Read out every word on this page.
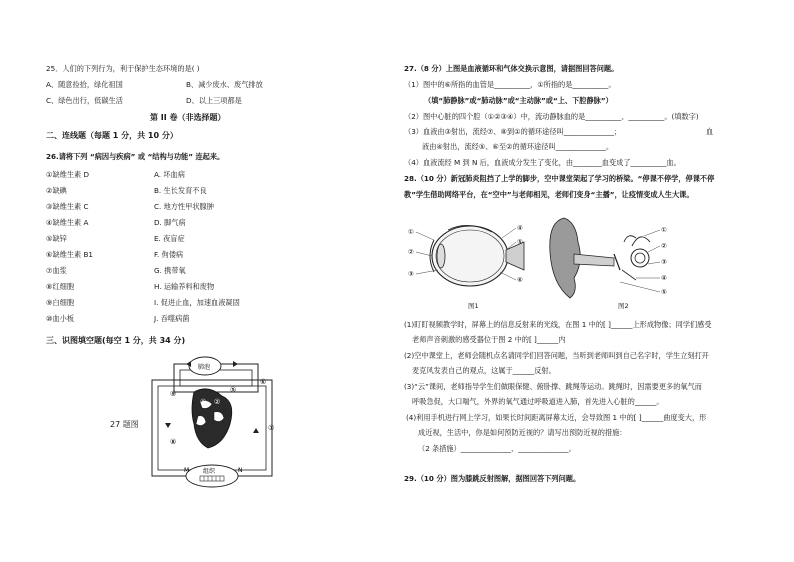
25．人们的下列行为，利于保护生态环境的是( )
A、随意捡拾，绿化祖国	B、减少废水、废气排放
C、绿色出行，低碳生活	D、以上三项都是
第 II 卷（非选择题）
二、连线题（每题 1 分，共 10 分）
26.请将下列 “病因与疾病” 或 “结构与功能” 连起来。
①缺维生素 D	A. 坏血病
②缺碘	B. 生长发育不良
③缺维生素 C	C. 地方性甲状腺肿
④缺维生素 A	D. 脚气病
⑤缺锌	E. 夜盲症
⑥缺维生素 B1	F. 佝偻病
⑦血浆	G. 携带氧
⑧红细胞	H. 运输养料和废物
⑨白细胞	I. 促进止血，加速血液凝固
⑩血小板	J. 吞噬病菌
三、识图填空题(每空 1 分，共 34 分)
27 题图
肺泡
组织
① ②
③ ④
⑤
⑥
⑦
⑧
⑨
M	N
27.（8 分）上图是血液循环和气体交换示意图，请据图回答问题。
（1）图中的⑥所指的血管是__________，①所指的是__________。
（填“肺静脉”或“肺动脉”或“主动脉”或“上、下腔静脉”）
（2）图中心脏的四个腔（①②③④）中，流动静脉血的是__________、__________。(填数字)
（3）血液由③射出，流经⑦、⑧到①的循环途径叫______________；	血
液由④射出，流经⑤、⑥至②的循环途径叫______________。
（4）血液流经 M 到 N 后，血液成分发生了变化，由________血变成了__________血。
28.（10 分）新冠肺炎阻挡了上学的脚步，空中课堂架起了学习的桥梁。“停课不停学，停课不停
教”学生借助网络平台，在“空中”与老师相见，老师们变身“主播”，让疫情变成人生大课。
①
②
③
④
⑤
⑥
图1
①
②
③
④
⑤
图2
(1)盯盯视频教学时，屏幕上的信息反射来的光线，在图 1 中的[ ]______上形成物像；同学们感受
老师声音刺激的感受器位于图 2 中的[ ]______内
(2)空中课堂上，老师会随机点名请同学们回答问题，当听到老师叫到自己名字时，学生立刻打开
麦克风发表自己的观点，这属于______反射。
(3)“云”课间，老师指导学生们做眼保健、俯卧撑、跳绳等运动。跳绳时，因需要更多的氧气而
呼吸急促，大口喘气，外界的氧气通过呼吸道进入肺，首先进入心脏的______。
(4)利用手机进行网上学习，如果长时间距离屏幕太近，会导致图 1 中的[ ]______曲度变大，形
成近视，生活中，你是如何预防近视的？请写出预防近视的措施：
（2 条措施）______________、______________。
29.（10 分）图为膝跳反射图解，据图回答下列问题。
